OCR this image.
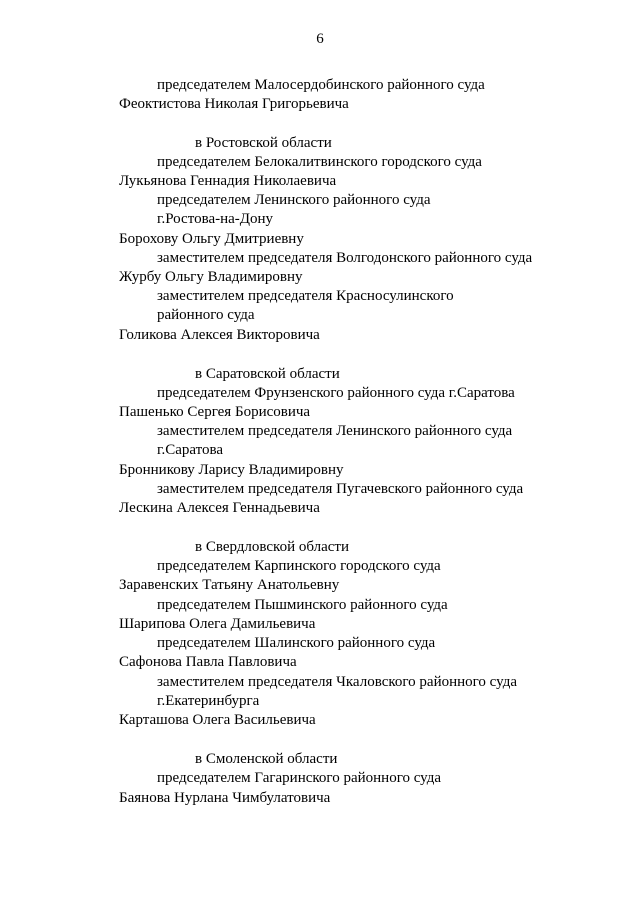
6
председателем Малосердобинского районного суда
Феоктистова Николая Григорьевича
в Ростовской области
председателем Белокалитвинского городского суда
Лукьянова Геннадия Николаевича
председателем Ленинского районного суда
г.Ростова-на-Дону
Борохову Ольгу Дмитриевну
заместителем председателя Волгодонского районного суда
Журбу Ольгу Владимировну
заместителем председателя Красносулинского
районного суда
Голикова Алексея Викторовича
в Саратовской области
председателем Фрунзенского районного суда г.Саратова
Пашенько Сергея Борисовича
заместителем председателя Ленинского районного суда
г.Саратова
Бронникову Ларису Владимировну
заместителем председателя Пугачевского районного суда
Лескина Алексея Геннадьевича
в Свердловской области
председателем Карпинского городского суда
Заравенских Татьяну Анатольевну
председателем Пышминского районного суда
Шарипова Олега Дамильевича
председателем Шалинского районного суда
Сафонова Павла Павловича
заместителем председателя Чкаловского районного суда
г.Екатеринбурга
Карташова Олега Васильевича
в Смоленской области
председателем Гагаринского районного суда
Баянова Нурлана Чимбулатовича
